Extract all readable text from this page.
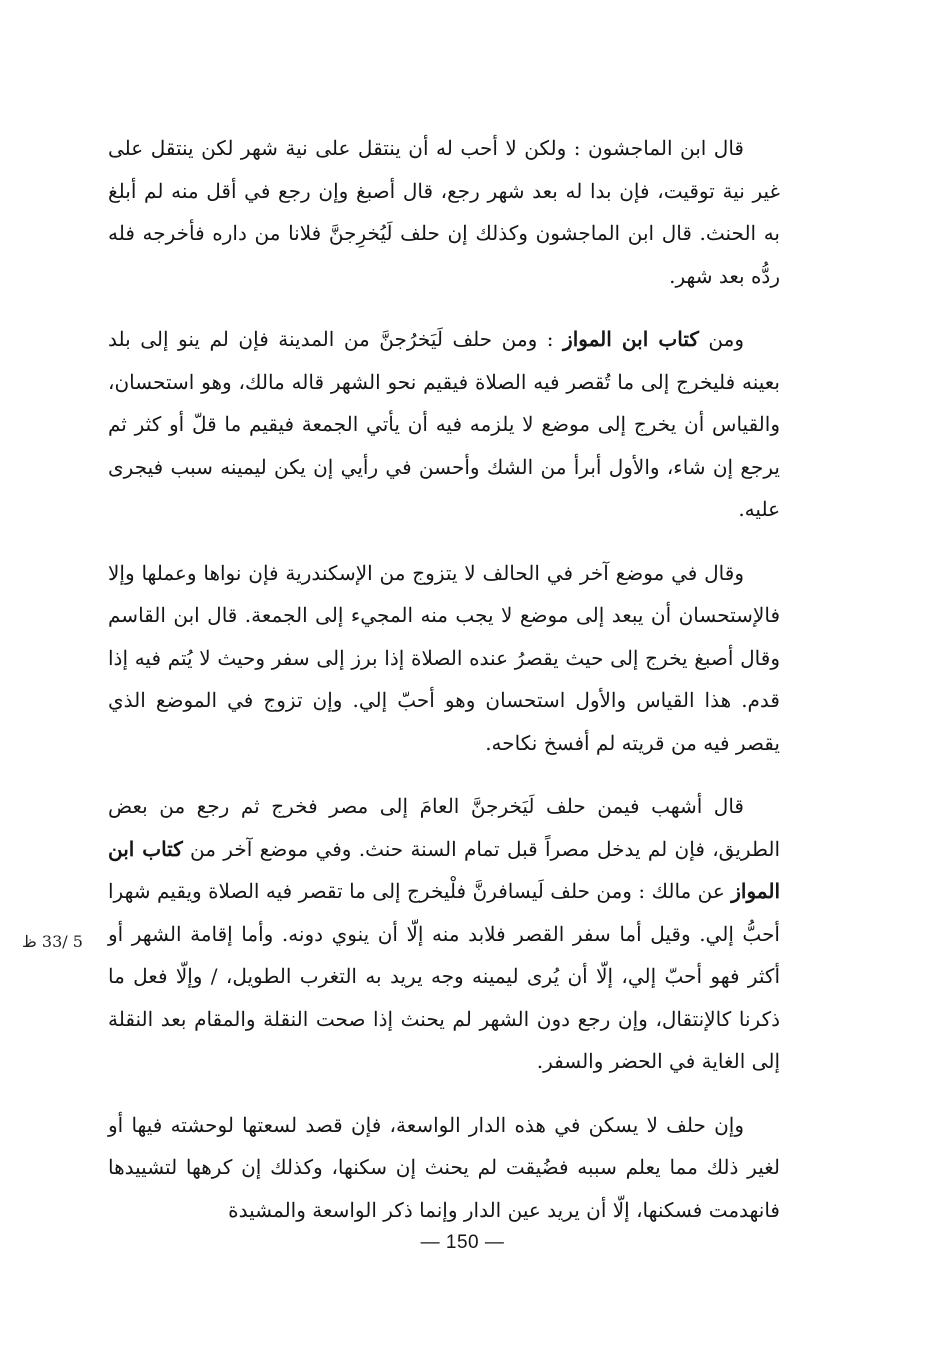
قال ابن الماجشون : ولكن لا أحب له أن ينتقل على نية شهر لكن ينتقل على غير نية توقيت، فإن بدا له بعد شهر رجع، قال أصبغ وإن رجع في أقل منه لم أبلغ به الحنث. قال ابن الماجشون وكذلك إن حلف لَيُخرِجنَّ فلانا من داره فأخرجه فله ردُّه بعد شهر.

ومن كتاب ابن المواز : ومن حلف لَيَخرُجنَّ من المدينة فإن لم ينو إلى بلد بعينه فليخرج إلى ما تُقصر فيه الصلاة فيقيم نحو الشهر قاله مالك، وهو استحسان، والقياس أن يخرج إلى موضع لا يلزمه فيه أن يأتي الجمعة فيقيم ما قلّ أو كثر ثم يرجع إن شاء، والأول أبرأ من الشك وأحسن في رأيي إن يكن ليمينه سبب فيجرى عليه.

وقال في موضع آخر في الحالف لا يتزوج من الإسكندرية فإن نواها وعملها وإلا فالإستحسان أن يبعد إلى موضع لا يجب منه المجيء إلى الجمعة. قال ابن القاسم وقال أصبغ يخرج إلى حيث يقصرُ عنده الصلاة إذا برز إلى سفر وحيث لا يُتم فيه إذا قدم. هذا القياس والأول استحسان وهو أحبّ إلي. وإن تزوج في الموضع الذي يقصر فيه من قريته لم أفسخ نكاحه.

قال أشهب فيمن حلف لَيَخرجنَّ العامَ إلى مصر فخرج ثم رجع من بعض الطريق، فإن لم يدخل مصراً قبل تمام السنة حنث. وفي موضع آخر من كتاب ابن المواز عن مالك : ومن حلف لَيسافرنَّ فلْيخرج إلى ما تقصر فيه الصلاة ويقيم شهرا أحبُّ إلي. وقيل أما سفر القصر فلابد منه إلّا أن ينوي دونه. وأما إقامة الشهر أو أكثر فهو أحبّ إلي، إلّا أن يُرى ليمينه وجه يريد به التغرب الطويل، / وإلّا فعل ما ذكرنا كالإنتقال، وإن رجع دون الشهر لم يحنث إذا صحت النقلة والمقام بعد النقلة إلى الغاية في الحضر والسفر.

وإن حلف لا يسكن في هذه الدار الواسعة، فإن قصد لسعتها لوحشته فيها أو لغير ذلك مما يعلم سببه فضُيقت لم يحنث إن سكنها، وكذلك إن كرهها لتشييدها فانهدمت فسكنها، إلّا أن يريد عين الدار وإنما ذكر الواسعة والمشيدة

5 /33 ظ
— 150 —
